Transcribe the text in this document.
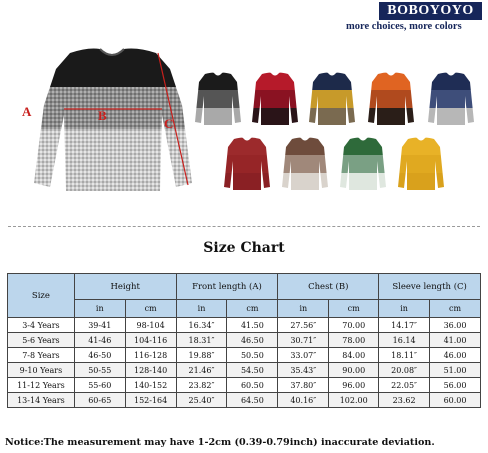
BOBOYOYO
more choices, more colors
A	B
C
Size Chart
Size	Height		Front length (A)		Chest (B)		Sleeve length (C)	
	in	cm	in	cm	in	cm	in	cm
3-4 Years	39-41	98-104	16.34″	41.50	27.56″	70.00	14.17″	36.00
5-6 Years	41-46	104-116	18.31″	46.50	30.71″	78.00	16.14	41.00
7-8 Years	46-50	116-128	19.88″	50.50	33.07″	84.00	18.11″	46.00
9-10 Years	50-55	128-140	21.46″	54.50	35.43″	90.00	20.08″	51.00
11-12 Years	55-60	140-152	23.82″	60.50	37.80″	96.00	22.05″	56.00
13-14 Years	60-65	152-164	25.40″	64.50	40.16″	102.00	23.62	60.00
Notice:The measurement may have 1-2cm (0.39-0.79inch) inaccurate deviation.
